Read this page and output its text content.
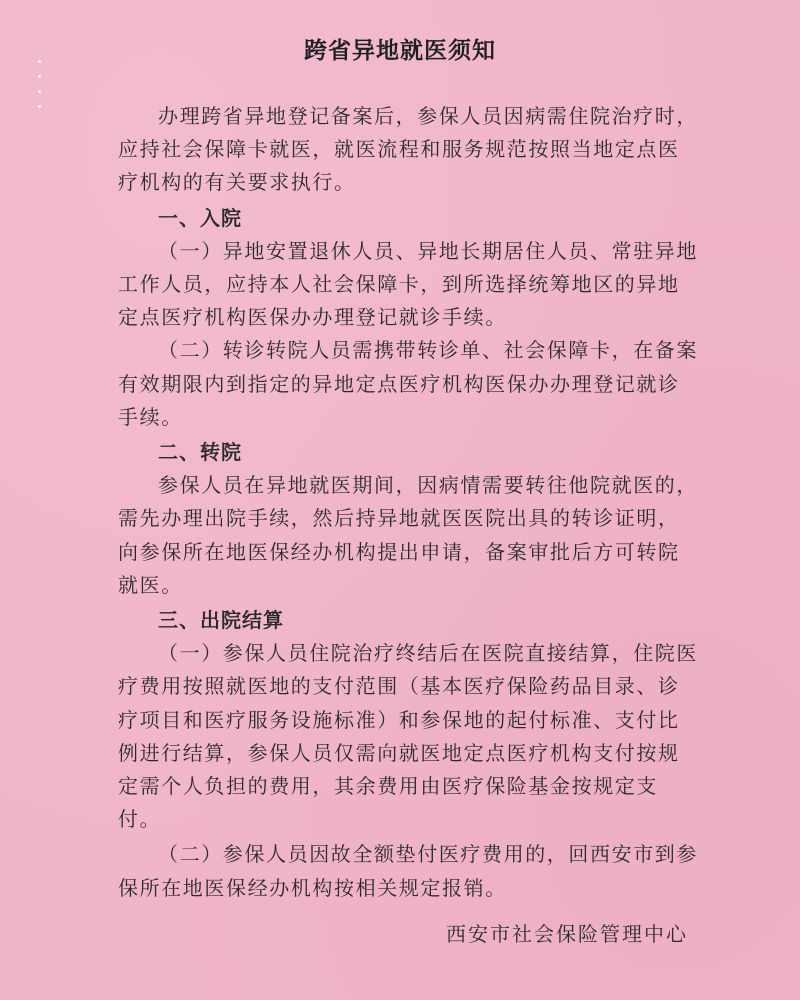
跨省异地就医须知

办理跨省异地登记备案后，参保人员因病需住院治疗时，应持社会保障卡就医，就医流程和服务规范按照当地定点医疗机构的有关要求执行。

一、入院

（一）异地安置退休人员、异地长期居住人员、常驻异地工作人员，应持本人社会保障卡，到所选择统筹地区的异地定点医疗机构医保办办理登记就诊手续。

（二）转诊转院人员需携带转诊单、社会保障卡，在备案有效期限内到指定的异地定点医疗机构医保办办理登记就诊手续。

二、转院

参保人员在异地就医期间，因病情需要转往他院就医的，需先办理出院手续，然后持异地就医医院出具的转诊证明，向参保所在地医保经办机构提出申请，备案审批后方可转院就医。

三、出院结算

（一）参保人员住院治疗终结后在医院直接结算，住院医疗费用按照就医地的支付范围（基本医疗保险药品目录、诊疗项目和医疗服务设施标准）和参保地的起付标准、支付比例进行结算，参保人员仅需向就医地定点医疗机构支付按规定需个人负担的费用，其余费用由医疗保险基金按规定支付。

（二）参保人员因故全额垫付医疗费用的，回西安市到参保所在地医保经办机构按相关规定报销。

西安市社会保险管理中心
